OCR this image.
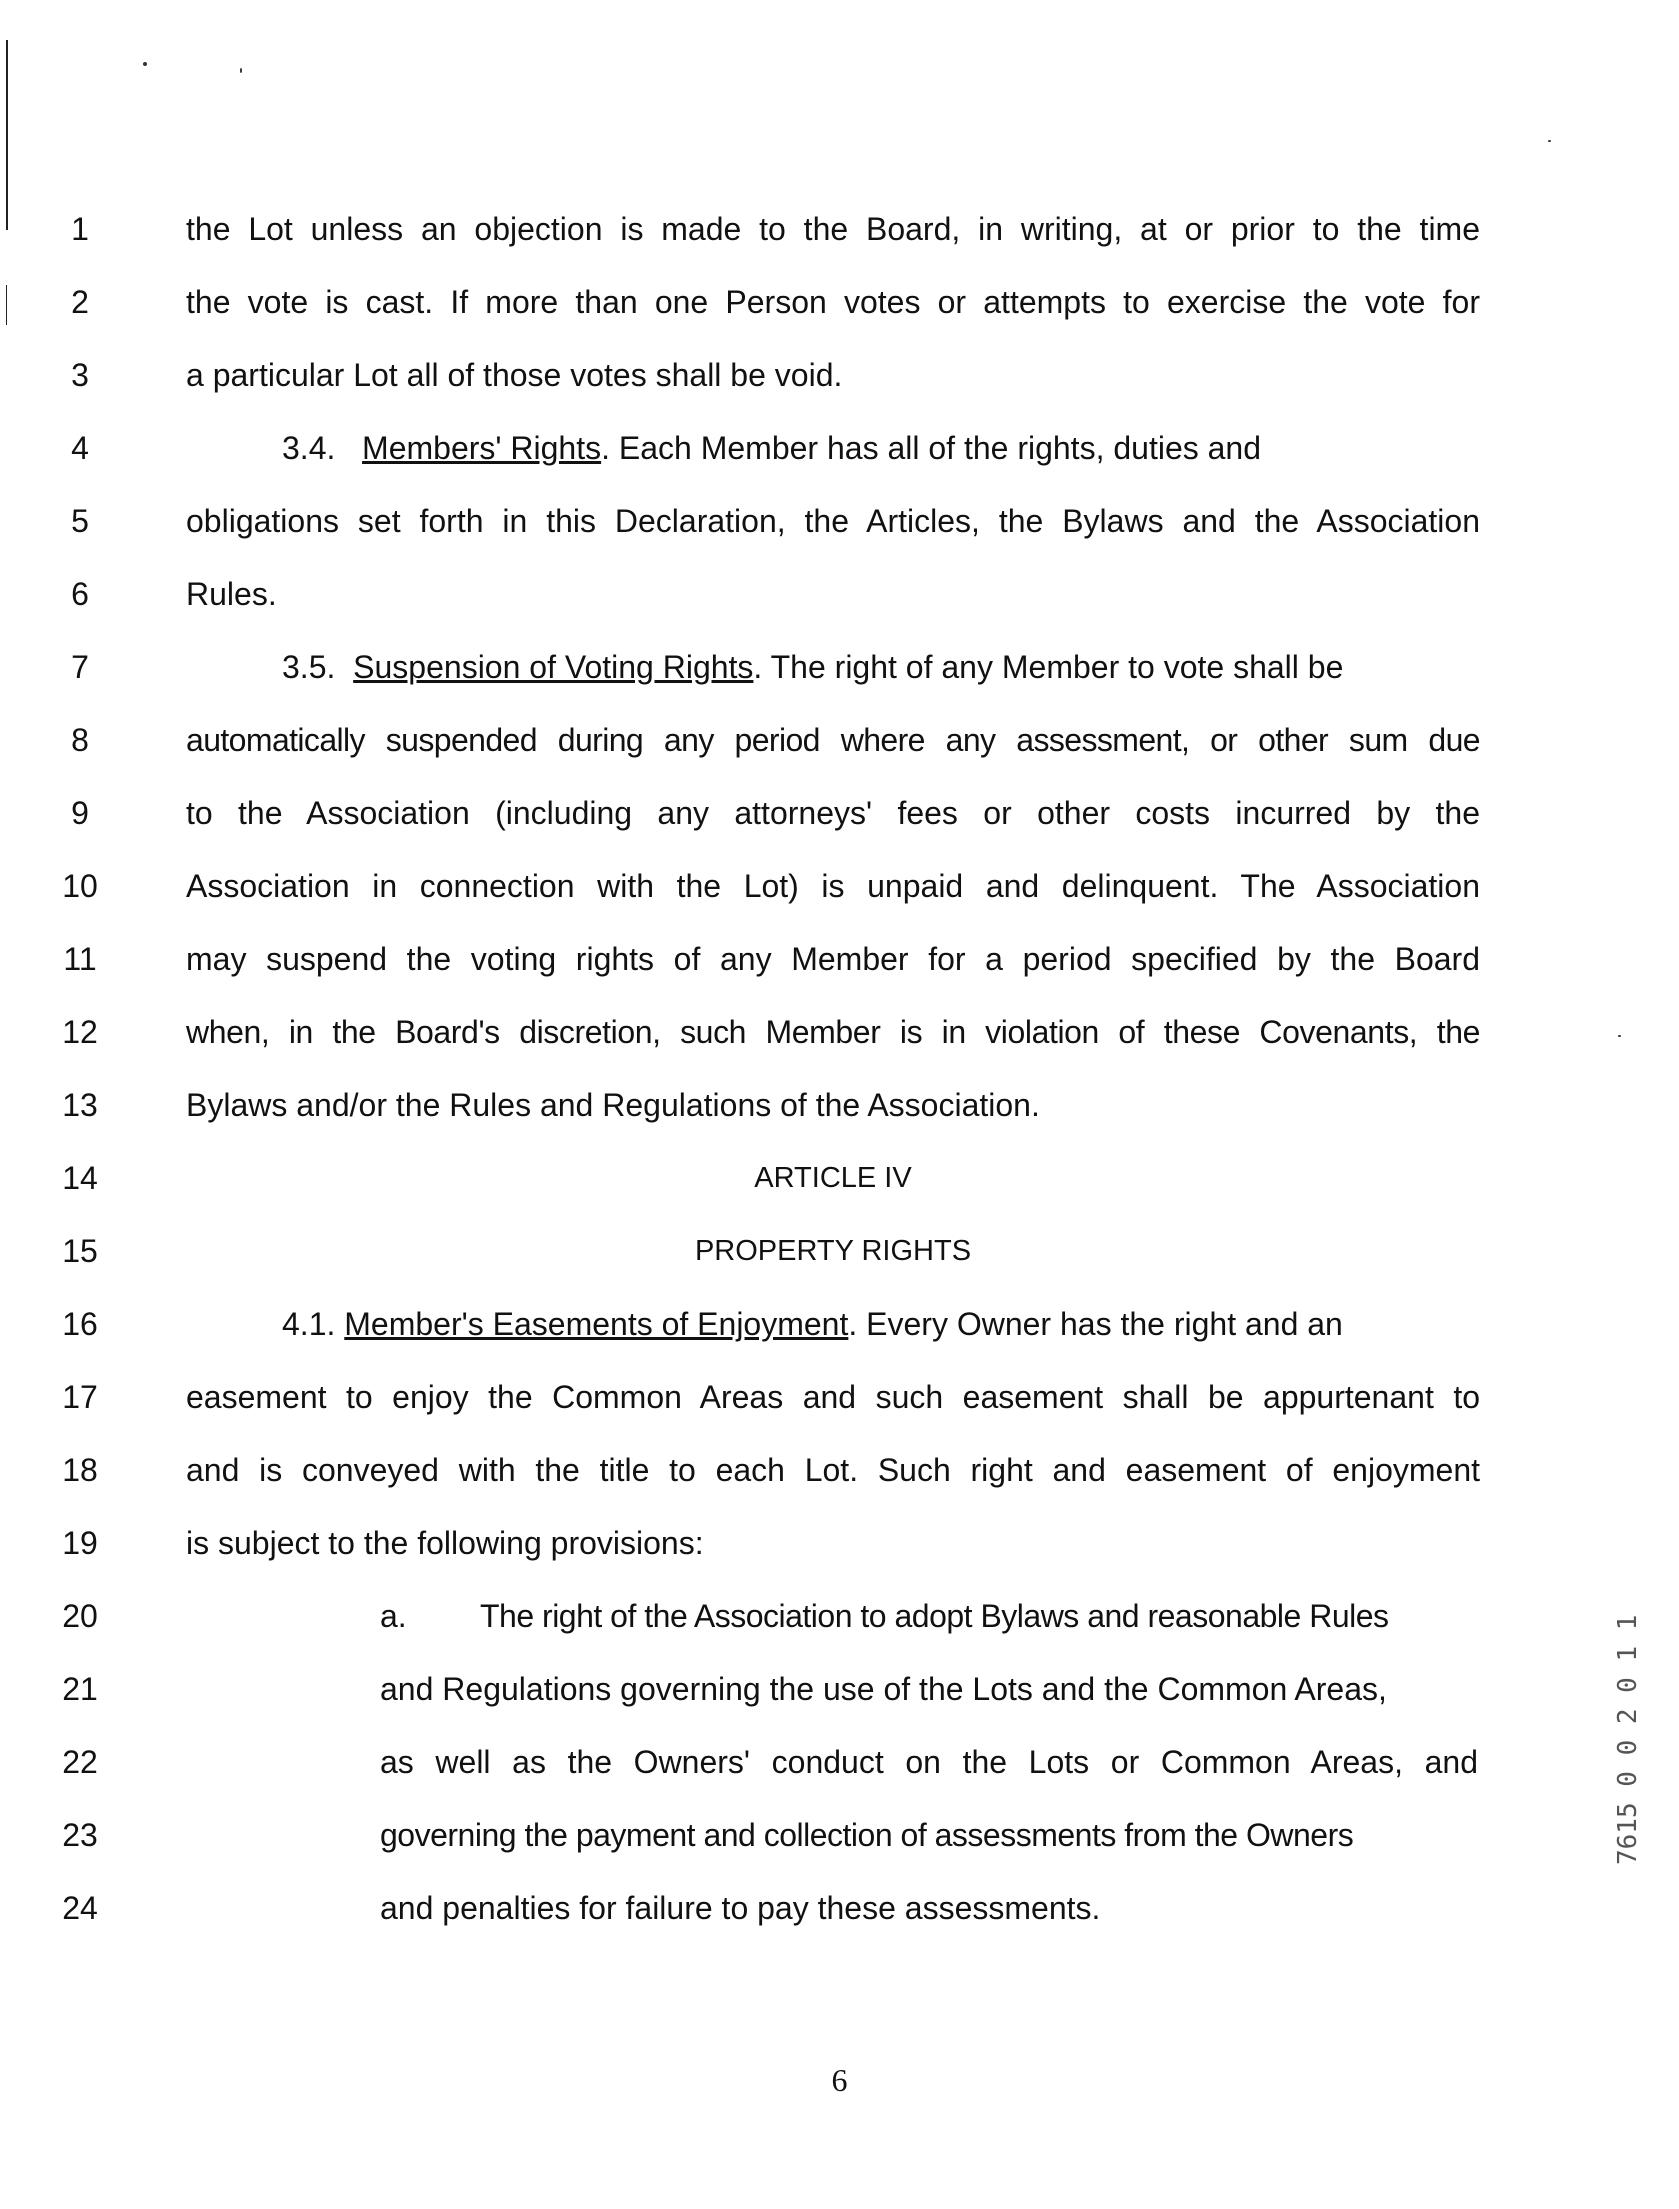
1	the Lot unless an objection is made to the Board, in writing, at or prior to the time
2	the vote is cast. If more than one Person votes or attempts to exercise the vote for
3	a particular Lot all of those votes shall be void.
4	3.4. Members' Rights. Each Member has all of the rights, duties and
5	obligations set forth in this Declaration, the Articles, the Bylaws and the Association
6	Rules.
7	3.5. Suspension of Voting Rights. The right of any Member to vote shall be
8	automatically suspended during any period where any assessment, or other sum due
9	to the Association (including any attorneys' fees or other costs incurred by the
10	Association in connection with the Lot) is unpaid and delinquent. The Association
11	may suspend the voting rights of any Member for a period specified by the Board
12	when, in the Board's discretion, such Member is in violation of these Covenants, the
13	Bylaws and/or the Rules and Regulations of the Association.
14	ARTICLE IV
15	PROPERTY RIGHTS
16	4.1. Member's Easements of Enjoyment. Every Owner has the right and an
17	easement to enjoy the Common Areas and such easement shall be appurtenant to
18	and is conveyed with the title to each Lot. Such right and easement of enjoyment
19	is subject to the following provisions:
20	a. The right of the Association to adopt Bylaws and reasonable Rules
21	and Regulations governing the use of the Lots and the Common Areas,
22	as well as the Owners' conduct on the Lots or Common Areas, and
23	governing the payment and collection of assessments from the Owners
24	and penalties for failure to pay these assessments.
6
7615 0 0 2 0 1 1
